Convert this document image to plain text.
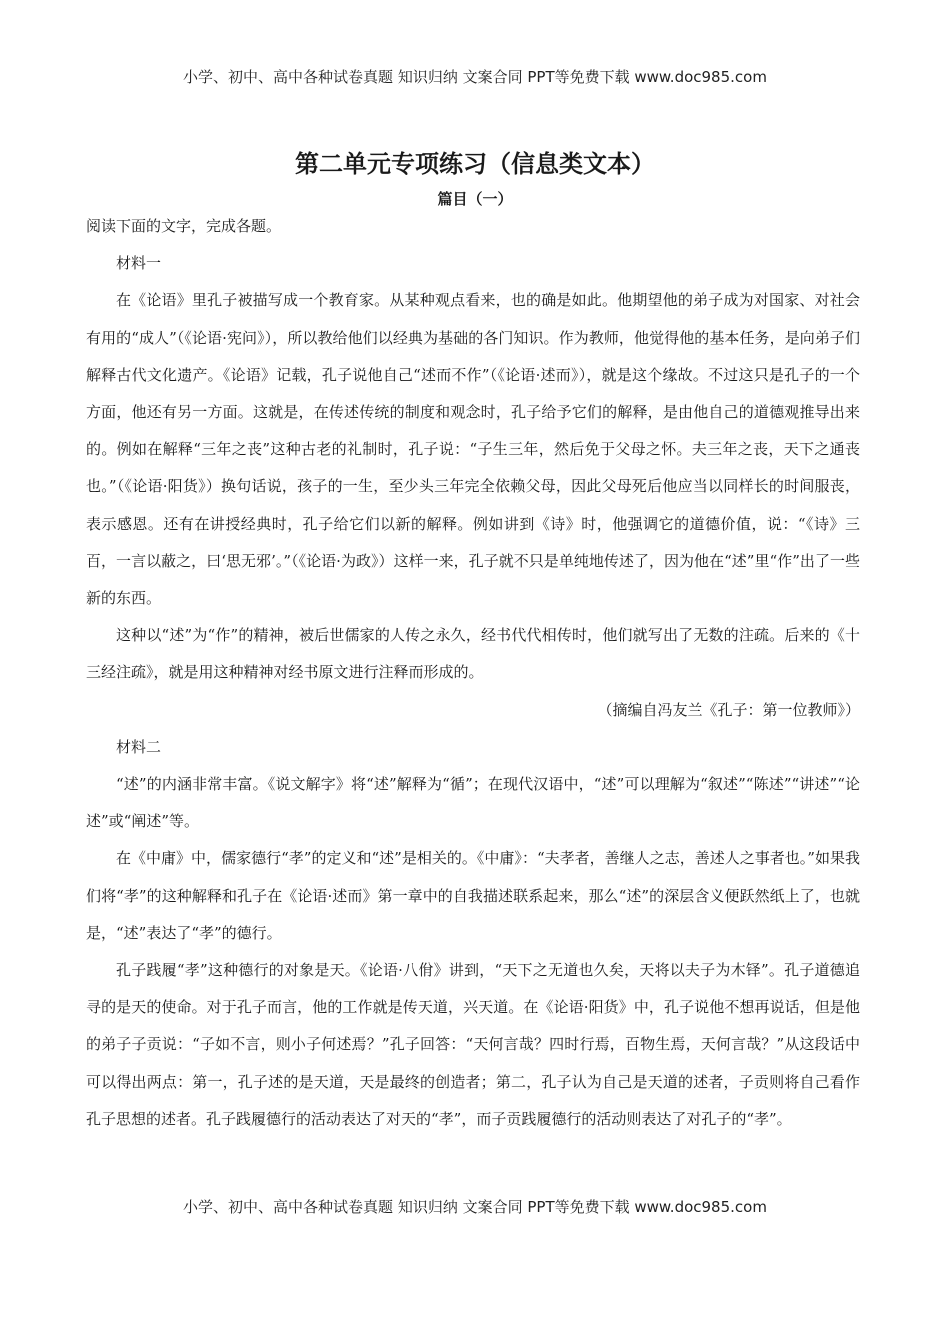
小学、初中、高中各种试卷真题 知识归纳 文案合同 PPT等免费下载 www.doc985.com
第二单元专项练习（信息类文本）
篇目（一）

阅读下面的文字，完成各题。

材料一

在《论语》里孔子被描写成一个教育家。从某种观点看来，也的确是如此。他期望他的弟子成为对国家、对社会有用的“成人”（《论语·宪问》），所以教给他们以经典为基础的各门知识。作为教师，他觉得他的基本任务，是向弟子们解释古代文化遗产。《论语》记载，孔子说他自己“述而不作”（《论语·述而》），就是这个缘故。不过这只是孔子的一个方面，他还有另一方面。这就是，在传述传统的制度和观念时，孔子给予它们的解释，是由他自己的道德观推导出来的。例如在解释“三年之丧”这种古老的礼制时，孔子说：“子生三年，然后免于父母之怀。夫三年之丧，天下之通丧也。”（《论语·阳货》）换句话说，孩子的一生，至少头三年完全依赖父母，因此父母死后他应当以同样长的时间服丧，表示感恩。还有在讲授经典时，孔子给它们以新的解释。例如讲到《诗》时，他强调它的道德价值，说：“《诗》三百，一言以蔽之，曰‘思无邪’。”（《论语·为政》）这样一来，孔子就不只是单纯地传述了，因为他在“述”里“作”出了一些新的东西。

这种以“述”为“作”的精神，被后世儒家的人传之永久，经书代代相传时，他们就写出了无数的注疏。后来的《十三经注疏》，就是用这种精神对经书原文进行注释而形成的。

（摘编自冯友兰《孔子：第一位教师》）

材料二

“述”的内涵非常丰富。《说文解字》将“述”解释为“循”；在现代汉语中，“述”可以理解为“叙述”“陈述”“讲述”“论述”或“阐述”等。

在《中庸》中，儒家德行“孝”的定义和“述”是相关的。《中庸》：“夫孝者，善继人之志，善述人之事者也。”如果我们将“孝”的这种解释和孔子在《论语·述而》第一章中的自我描述联系起来，那么“述”的深层含义便跃然纸上了，也就是，“述”表达了“孝”的德行。

孔子践履“孝”这种德行的对象是天。《论语·八佾》讲到，“天下之无道也久矣，天将以夫子为木铎”。孔子道德追寻的是天的使命。对于孔子而言，他的工作就是传天道，兴天道。在《论语·阳货》中，孔子说他不想再说话，但是他的弟子子贡说：“子如不言，则小子何述焉？”孔子回答：“天何言哉？四时行焉，百物生焉，天何言哉？”从这段话中可以得出两点：第一，孔子述的是天道，天是最终的创造者；第二，孔子认为自己是天道的述者，子贡则将自己看作孔子思想的述者。孔子践履德行的活动表达了对天的“孝”，而子贡践履德行的活动则表达了对孔子的“孝”。

小学、初中、高中各种试卷真题 知识归纳 文案合同 PPT等免费下载 www.doc985.com
